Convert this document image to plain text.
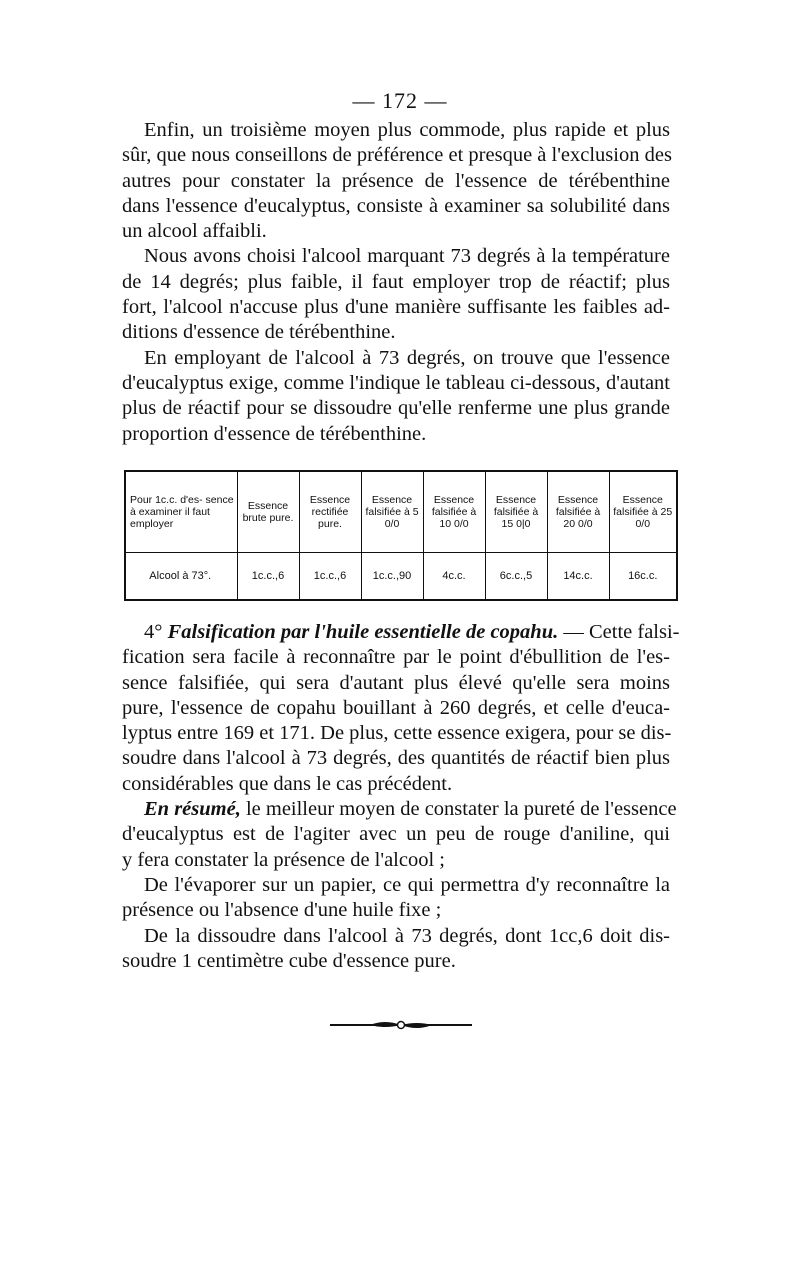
— 172 —
Enfin, un troisième moyen plus commode, plus rapide et plus
sûr, que nous conseillons de préférence et presque à l'exclusion des
autres pour constater la présence de l'essence de térébenthine
dans l'essence d'eucalyptus, consiste à examiner sa solubilité dans
un alcool affaibli.
Nous avons choisi l'alcool marquant 73 degrés à la température
de 14 degrés; plus faible, il faut employer trop de réactif; plus
fort, l'alcool n'accuse plus d'une manière suffisante les faibles ad-
ditions d'essence de térébenthine.
En employant de l'alcool à 73 degrés, on trouve que l'essence
d'eucalyptus exige, comme l'indique le tableau ci-dessous, d'autant
plus de réactif pour se dissoudre qu'elle renferme une plus grande
proportion d'essence de térébenthine.
Pour 1c.c. d'es- sence à examiner il faut employer	Essence brute pure.	Essence rectifiée pure.	Essence falsifiée à 5 0/0	Essence falsifiée à 10 0/0	Essence falsifiée à 15 0|0	Essence falsifiée à 20 0/0	Essence falsifiée à 25 0/0
Alcool à 73°.	1c.c.,6	1c.c.,6	1c.c.,90	4c.c.	6c.c.,5	14c.c.	16c.c.
4° Falsification par l'huile essentielle de copahu. — Cette falsi-
fication sera facile à reconnaître par le point d'ébullition de l'es-
sence falsifiée, qui sera d'autant plus élevé qu'elle sera moins
pure, l'essence de copahu bouillant à 260 degrés, et celle d'euca-
lyptus entre 169 et 171. De plus, cette essence exigera, pour se dis-
soudre dans l'alcool à 73 degrés, des quantités de réactif bien plus
considérables que dans le cas précédent.
En résumé, le meilleur moyen de constater la pureté de l'essence
d'eucalyptus est de l'agiter avec un peu de rouge d'aniline, qui
y fera constater la présence de l'alcool ;
De l'évaporer sur un papier, ce qui permettra d'y reconnaître la
présence ou l'absence d'une huile fixe ;
De la dissoudre dans l'alcool à 73 degrés, dont 1cc,6 doit dis-
soudre 1 centimètre cube d'essence pure.
